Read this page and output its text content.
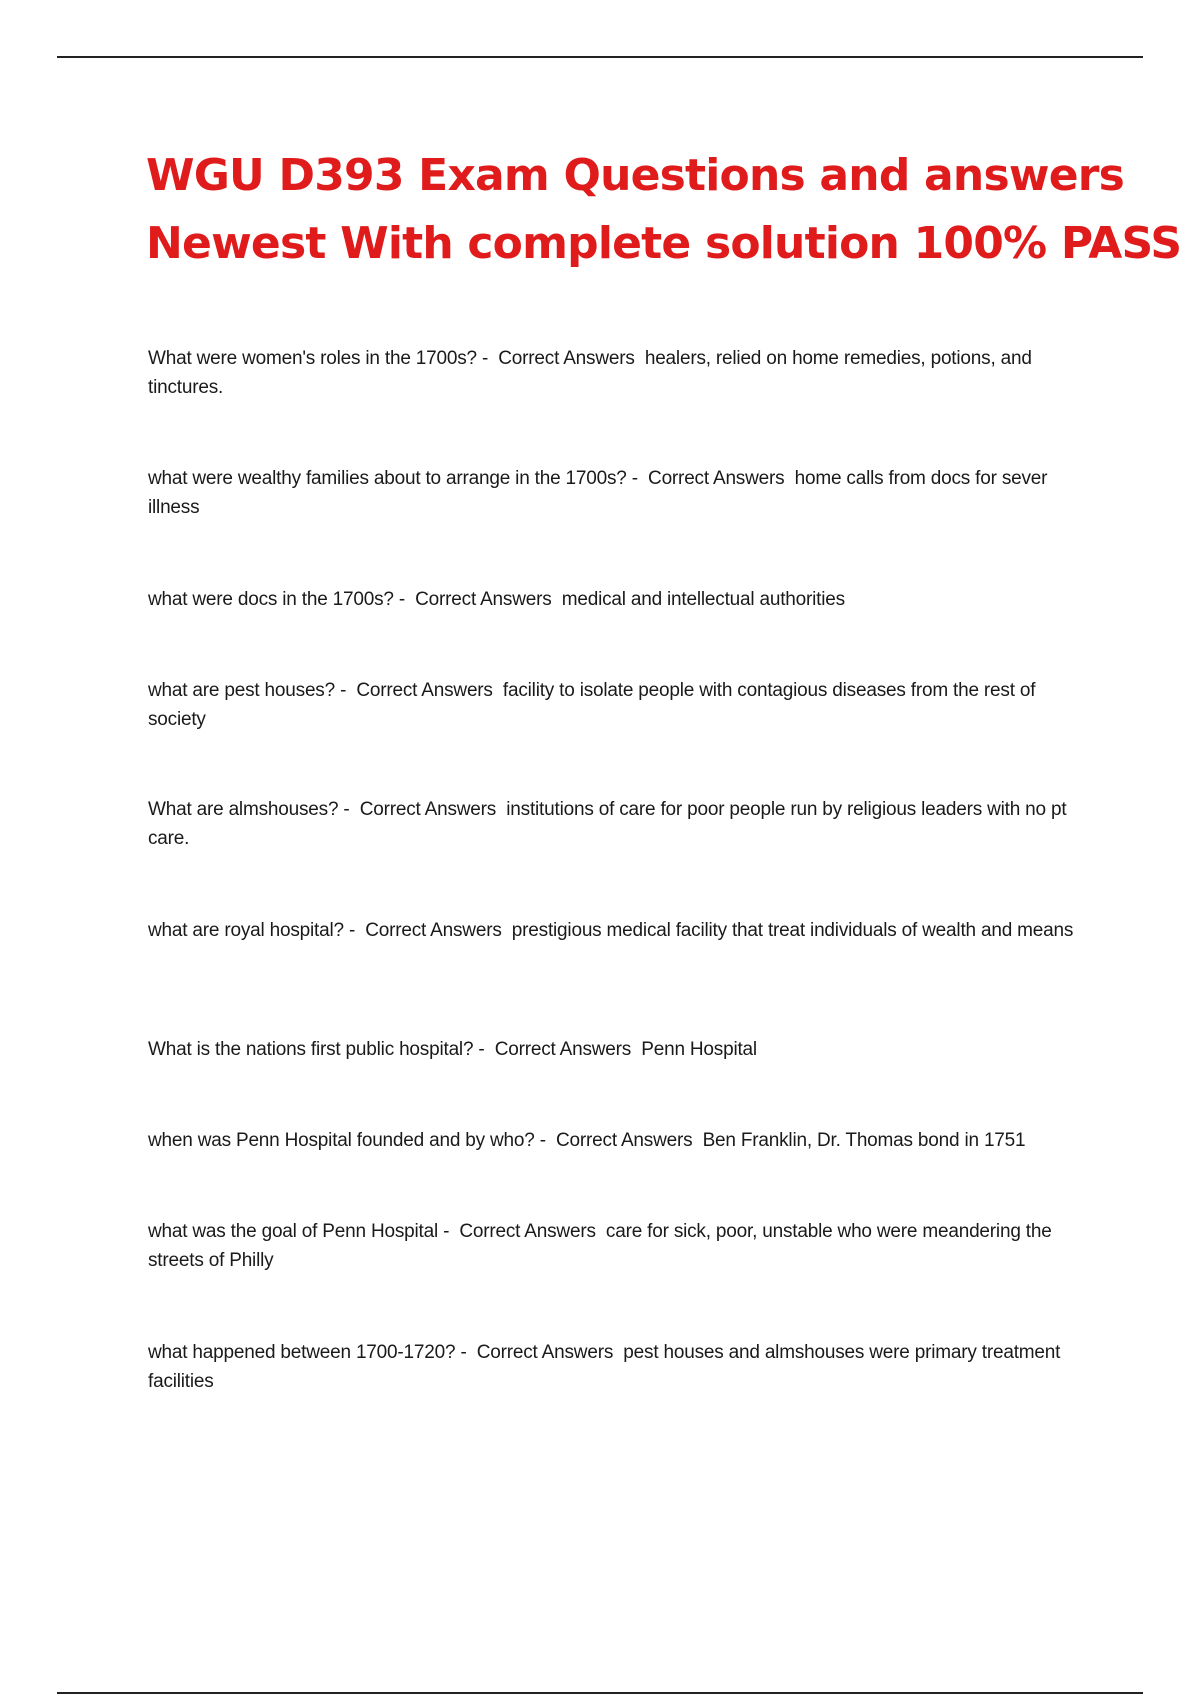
WGU D393 Exam Questions and answers
Newest With complete solution 100% PASS
What were women's roles in the 1700s? -  Correct Answers healers, relied on home remedies, potions, and tinctures.
what were wealthy families about to arrange in the 1700s? -  Correct Answers home calls from docs for sever illness
what were docs in the 1700s? -  Correct Answers medical and intellectual authorities
what are pest houses? -  Correct Answers facility to isolate people with contagious diseases from the rest of society
What are almshouses? -  Correct Answers institutions of care for poor people run by religious leaders with no pt care.
what are royal hospital? -  Correct Answers prestigious medical facility that treat individuals of wealth and means
What is the nations first public hospital? -  Correct Answers Penn Hospital
when was Penn Hospital founded and by who? -  Correct Answers Ben Franklin, Dr. Thomas bond in 1751
what was the goal of Penn Hospital -  Correct Answers care for sick, poor, unstable who were meandering the streets of Philly
what happened between 1700-1720? -  Correct Answers pest houses and almshouses were primary treatment facilities
